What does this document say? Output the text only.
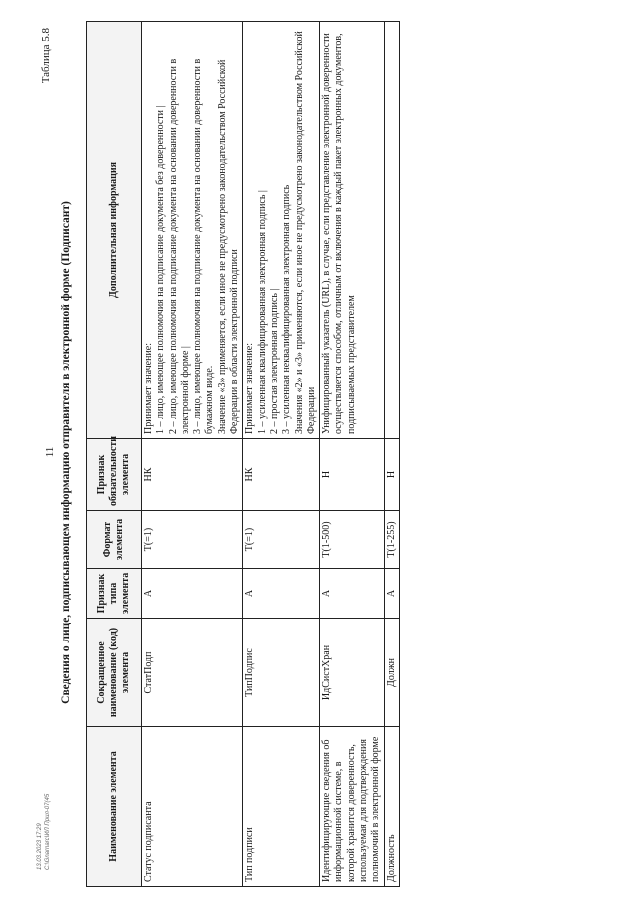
11
13.03.2023 17:29 С:\Gnarnarc\ИЛ Прил-07(45
Таблица 5.8
Сведения о лице, подписывающем информацию отправителя в электронной форме (Подписант)
Наименование элемента	Сокращенное наименование (код) элемента	Признак типа элемента	Формат элемента	Признак обязательности элемента	Дополнительная информация
Статус подписанта	СтатПодп	А	Т(=1)	НК	Принимает значение: 1 – лицо, имеющее полномочия на подписание документа без доверенности | 2 – лицо, имеющее полномочия на подписание документа на основании доверенности в электронной форме | 3 – лицо, имеющее полномочия на подписание документа на основании доверенности в бумажном виде. Значение «3» применяется, если иное не предусмотрено законодательством Российской Федерации в области электронной подписи

Тип подписи	ТипПодпис	А	Т(=1)	НК	Принимает значение: 1 – усиленная квалифицированная электронная подпись | 2 – простая электронная подпись | 3 – усиленная неквалифицированная электронная подпись Значения «2» и «3» применяются, если иное не предусмотрено законодательством Российской Федерации

Идентифицирующие сведения об информационной системе, в которой хранится доверенность, используемая для подтверждения полномочий в электронной форме	ИдСистХран	А	Т(1-500)	Н	Унифицированный указатель (URL), в случае, если представление электронной доверенности осуществляется способом, отличным от включения в каждый пакет электронных документов, подписываемых представителем

Должность	Должн	А	Т(1-255)	Н	
